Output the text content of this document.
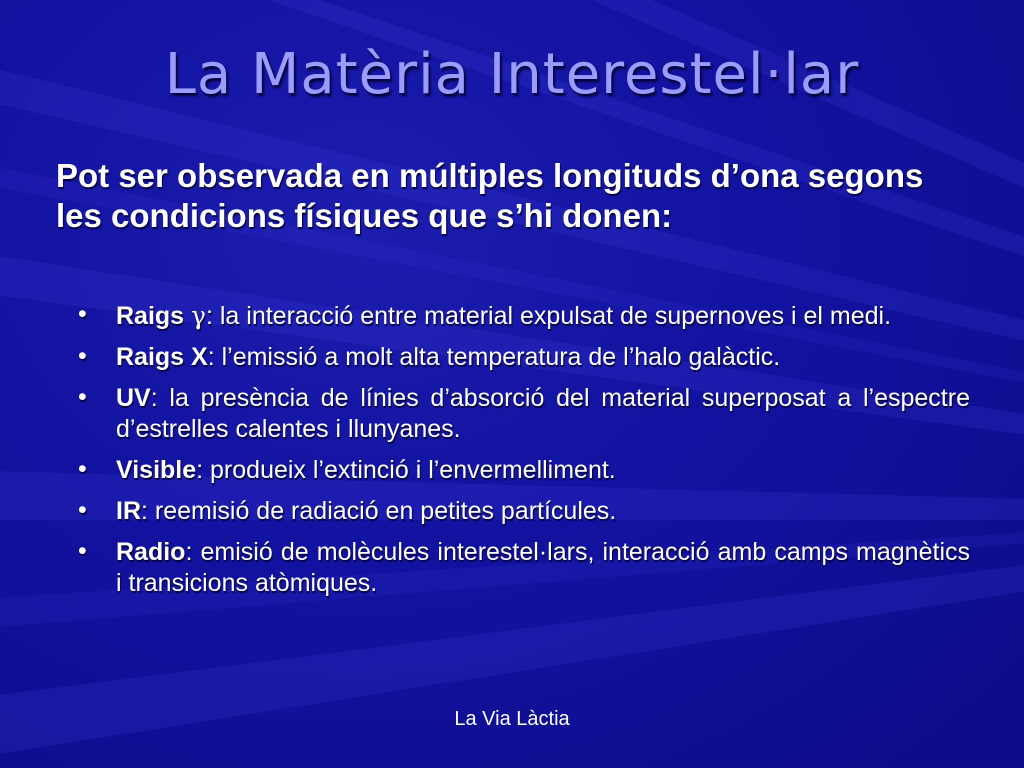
La Matèria Interestel·lar

Pot ser observada en múltiples longituds d’ona segons les condicions físiques que s’hi donen:

• Raigs γ: la interacció entre material expulsat de supernoves i el medi.
• Raigs X: l’emissió a molt alta temperatura de l’halo galàctic.
• UV: la presència de línies d’absorció del material superposat a l’espectre d’estrelles calentes i llunyanes.
• Visible: produeix l’extinció i l’envermelliment.
• IR: reemisió de radiació en petites partícules.
• Radio: emisió de molècules interestel·lars, interacció amb camps magnètics i transicions atòmiques.
La Via Làctia
